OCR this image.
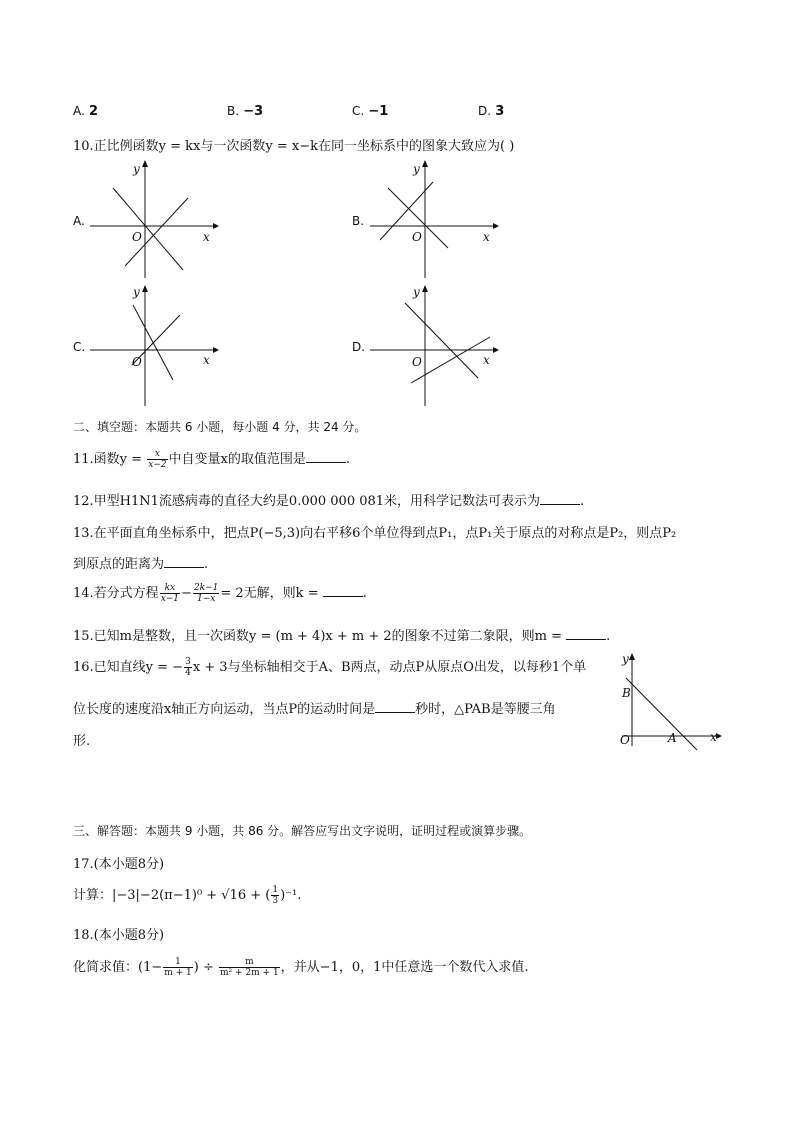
A. 2	B. −3	C. −1	D. 3
10.正比例函数y = kx与一次函数y = x−k在同一坐标系中的图象大致应为( )
A.
y
x
O
B.
y
x
O
C.
y
x
O
D.
y
x
O
二、填空题：本题共 6 小题，每小题 4 分，共 24 分。
11.函数$y = \frac{x}{x-2}$ 中自变量x的取值范围是	.
12.甲型H1N1流感病毒的直径大约是0.000 000 081米，用科学记数法可表示为	.
13.在平面直角坐标系中，把点P(−5,3)向右平移6个单位得到点P₁，点P₁关于原点的对称点是P₂，则点P₂
到原点的距离为	.
14.若分式方程 $\frac{kx}{x-1} - \frac{2k-1}{1-x} = 2$无解，则k =	.
15.已知m是整数，且一次函数y = (m + 4)x + m + 2的图象不过第二象限，则m =	.
16.已知直线y = − $\frac{3}{4}$ x + 3与坐标轴相交于A、B两点，动点P从原点O出发，以每秒1个单
位长度的速度沿x轴正方向运动，当点P的运动时间是	秒时，△PAB是等腰三角
形.
y
x
O
B
A
三、解答题：本题共 9 小题，共 86 分。解答应写出文字说明，证明过程或演算步骤。
17.(本小题8分)
计算：|−3|−2(π−1)⁰ + √16 + ( $\frac{1}{3} )^{-1}$.
18.(本小题8分)
化简求值：($1- \frac{1}{m + 1}$ ) ÷ $\frac{m}{\text{m² + 2m + 1}}$ ，并从−1，0，1中任意选一个数代入求值.
